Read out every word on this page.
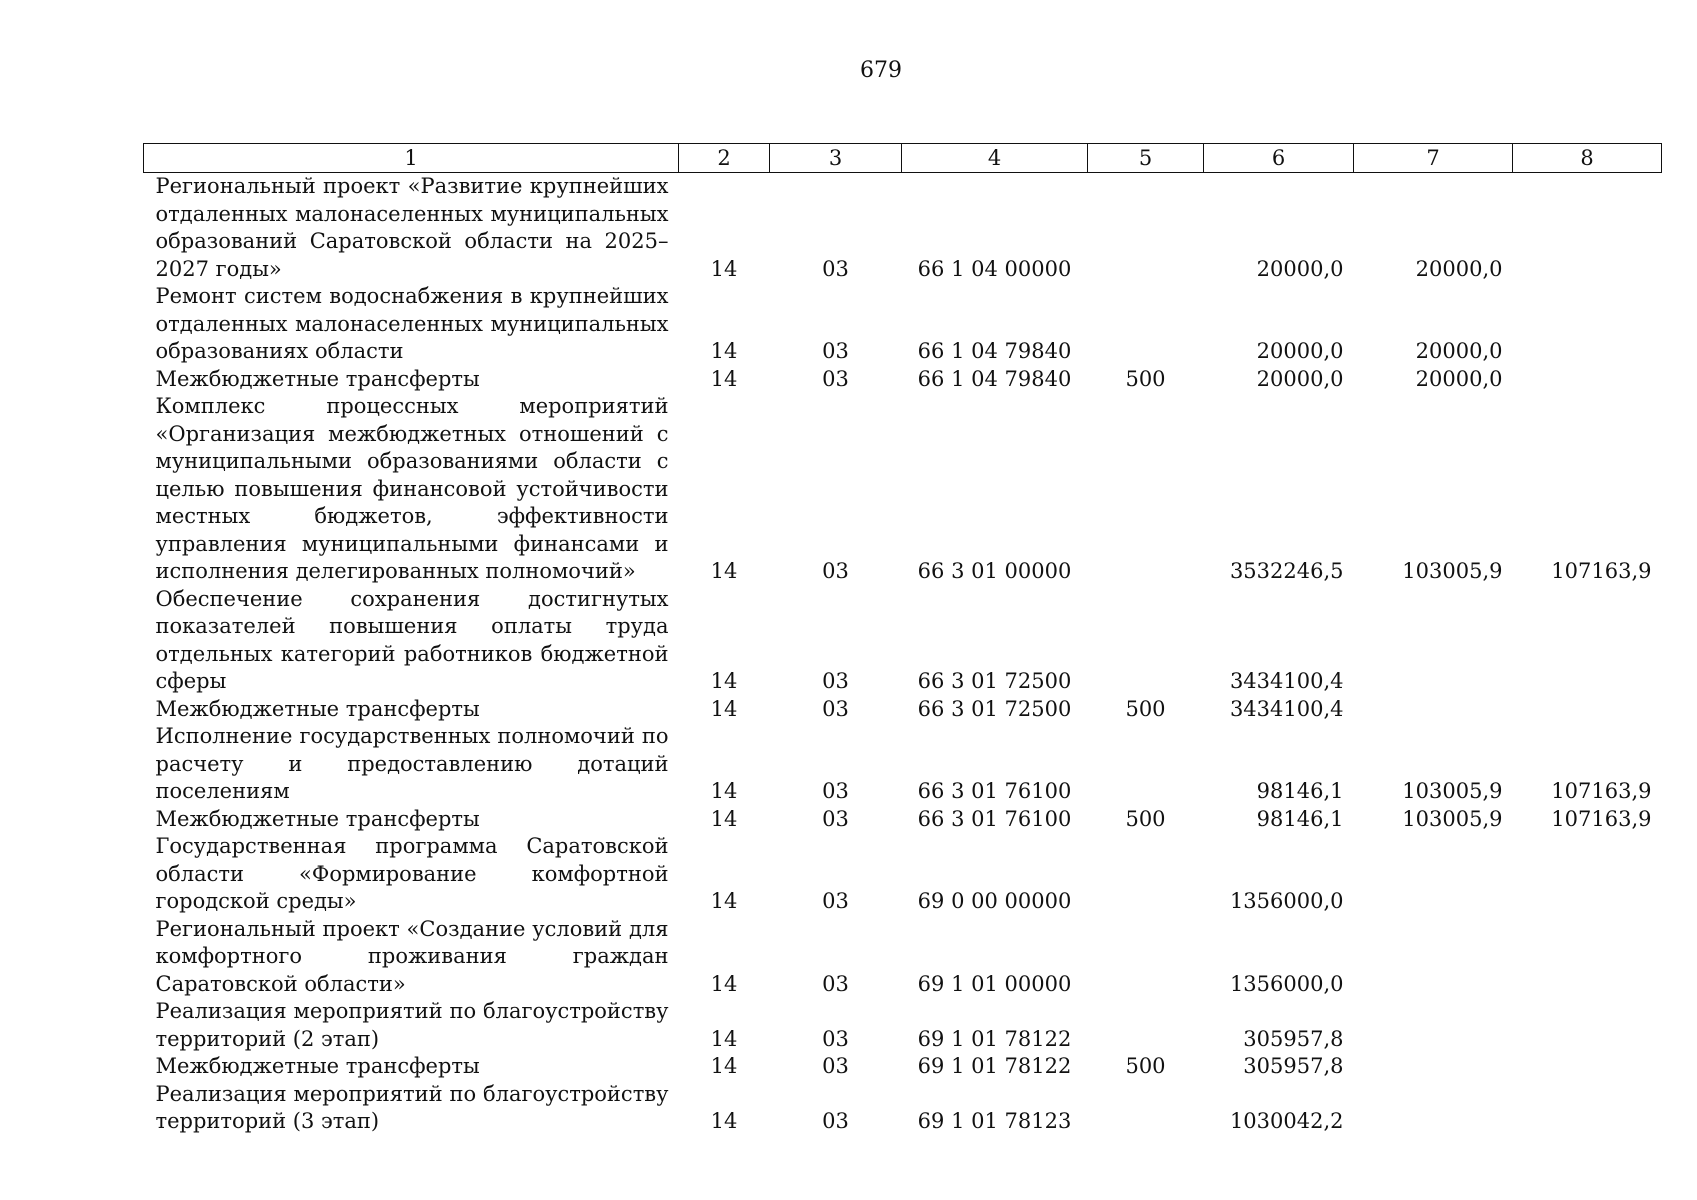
679
1	2	3	4	5	6	7	8
Региональный проект «Развитие крупнейших отдаленных малонаселенных муниципальных образований Саратовской области на 2025–2027 годы»	14	03	66 1 04 00000		20000,0	20000,0	
Ремонт систем водоснабжения в крупнейших отдаленных малонаселенных муниципальных образованиях области	14	03	66 1 04 79840		20000,0	20000,0	
Межбюджетные трансферты	14	03	66 1 04 79840	500	20000,0	20000,0	
Комплекс процессных мероприятий «Организация межбюджетных отношений с муниципальными образованиями области с целью повышения финансовой устойчивости местных бюджетов, эффективности управления муниципальными финансами и исполнения делегированных полномочий»	14	03	66 3 01 00000		3532246,5	103005,9	107163,9
Обеспечение сохранения достигнутых показателей повышения оплаты труда отдельных категорий работников бюджетной сферы	14	03	66 3 01 72500		3434100,4		
Межбюджетные трансферты	14	03	66 3 01 72500	500	3434100,4		
Исполнение государственных полномочий по расчету и предоставлению дотаций поселениям	14	03	66 3 01 76100		98146,1	103005,9	107163,9
Межбюджетные трансферты	14	03	66 3 01 76100	500	98146,1	103005,9	107163,9
Государственная программа Саратовской области «Формирование комфортной городской среды»	14	03	69 0 00 00000		1356000,0		
Региональный проект «Создание условий для комфортного проживания граждан Саратовской области»	14	03	69 1 01 00000		1356000,0		
Реализация мероприятий по благоустройству территорий (2 этап)	14	03	69 1 01 78122		305957,8		
Межбюджетные трансферты	14	03	69 1 01 78122	500	305957,8		
Реализация мероприятий по благоустройству территорий (3 этап)	14	03	69 1 01 78123		1030042,2		
